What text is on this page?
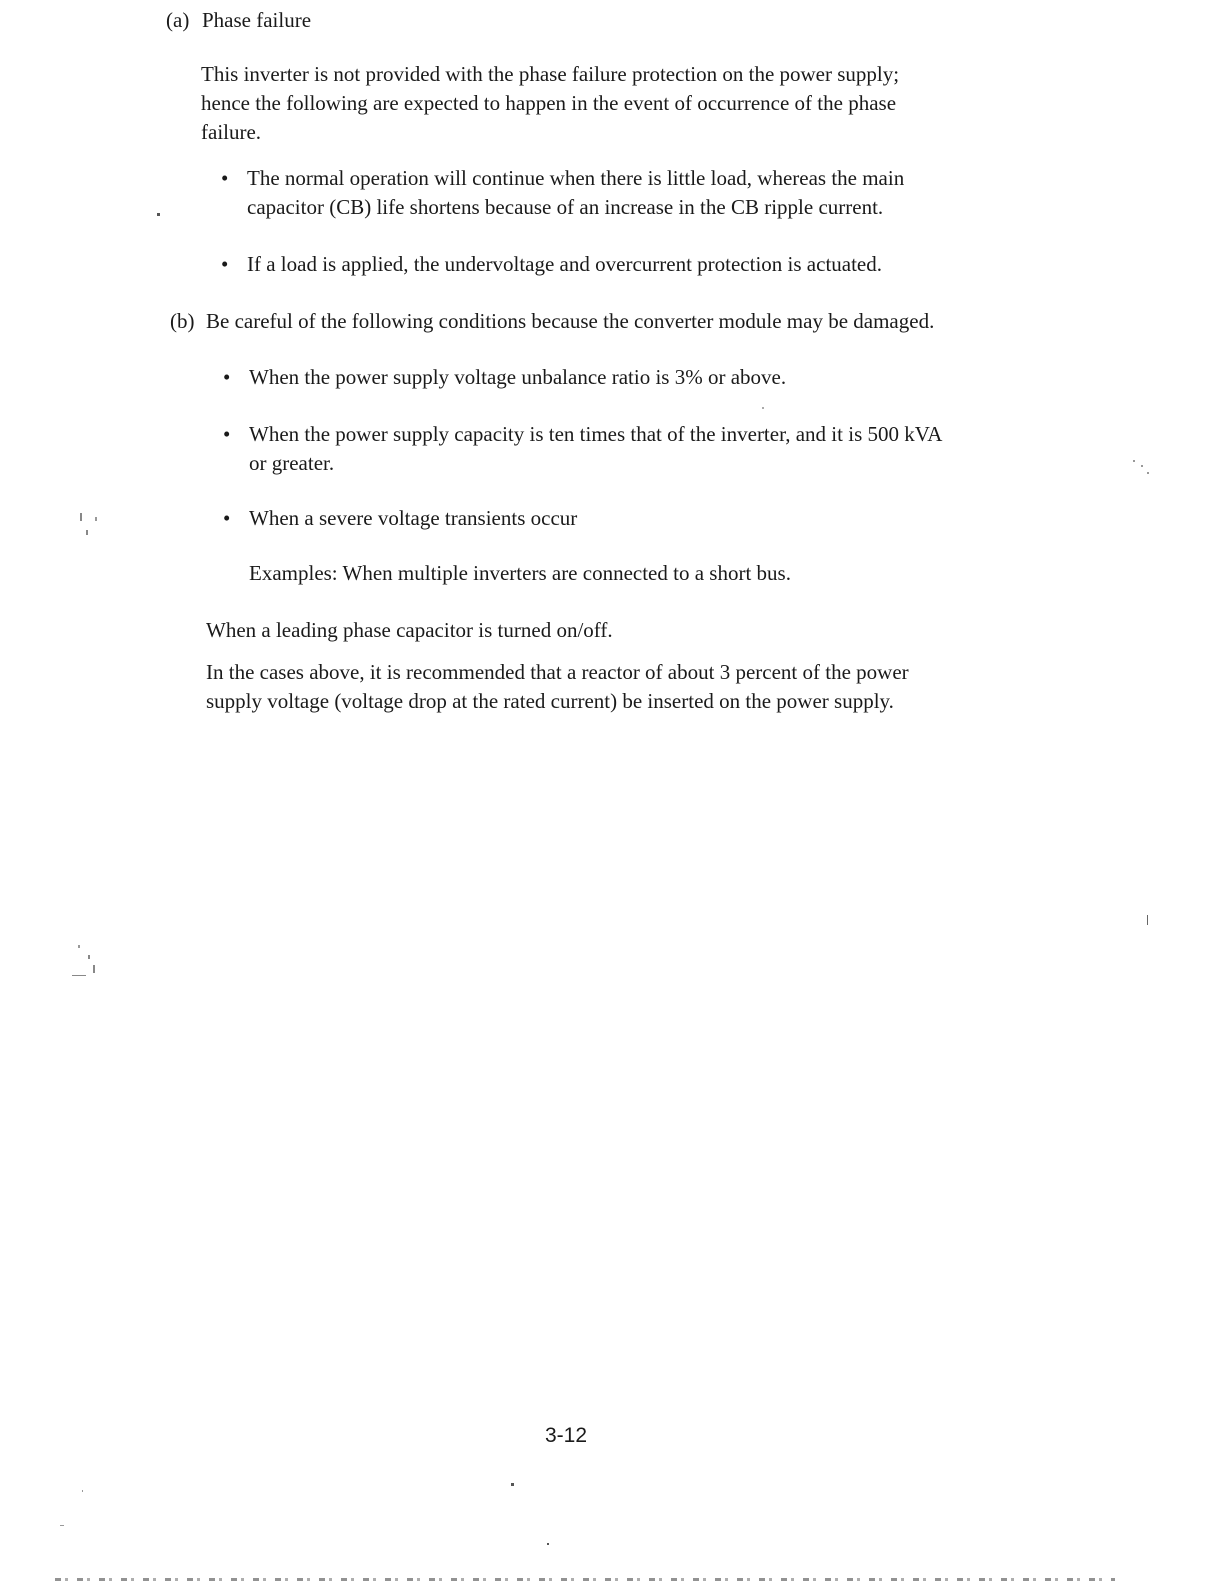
(a) Phase failure

This inverter is not provided with the phase failure protection on the power supply;
hence the following are expected to happen in the event of occurrence of the phase
failure.
• The normal operation will continue when there is little load, whereas the main
capacitor (CB) life shortens because of an increase in the CB ripple current.
• If a load is applied, the undervoltage and overcurrent protection is actuated.

(b) Be careful of the following conditions because the converter module may be damaged.

• When the power supply voltage unbalance ratio is 3% or above.
• When the power supply capacity is ten times that of the inverter, and it is 500 kVA
or greater.
• When a severe voltage transients occur

Examples: When multiple inverters are connected to a short bus.

When a leading phase capacitor is turned on/off.

In the cases above, it is recommended that a reactor of about 3 percent of the power
supply voltage (voltage drop at the rated current) be inserted on the power supply.

3-12
